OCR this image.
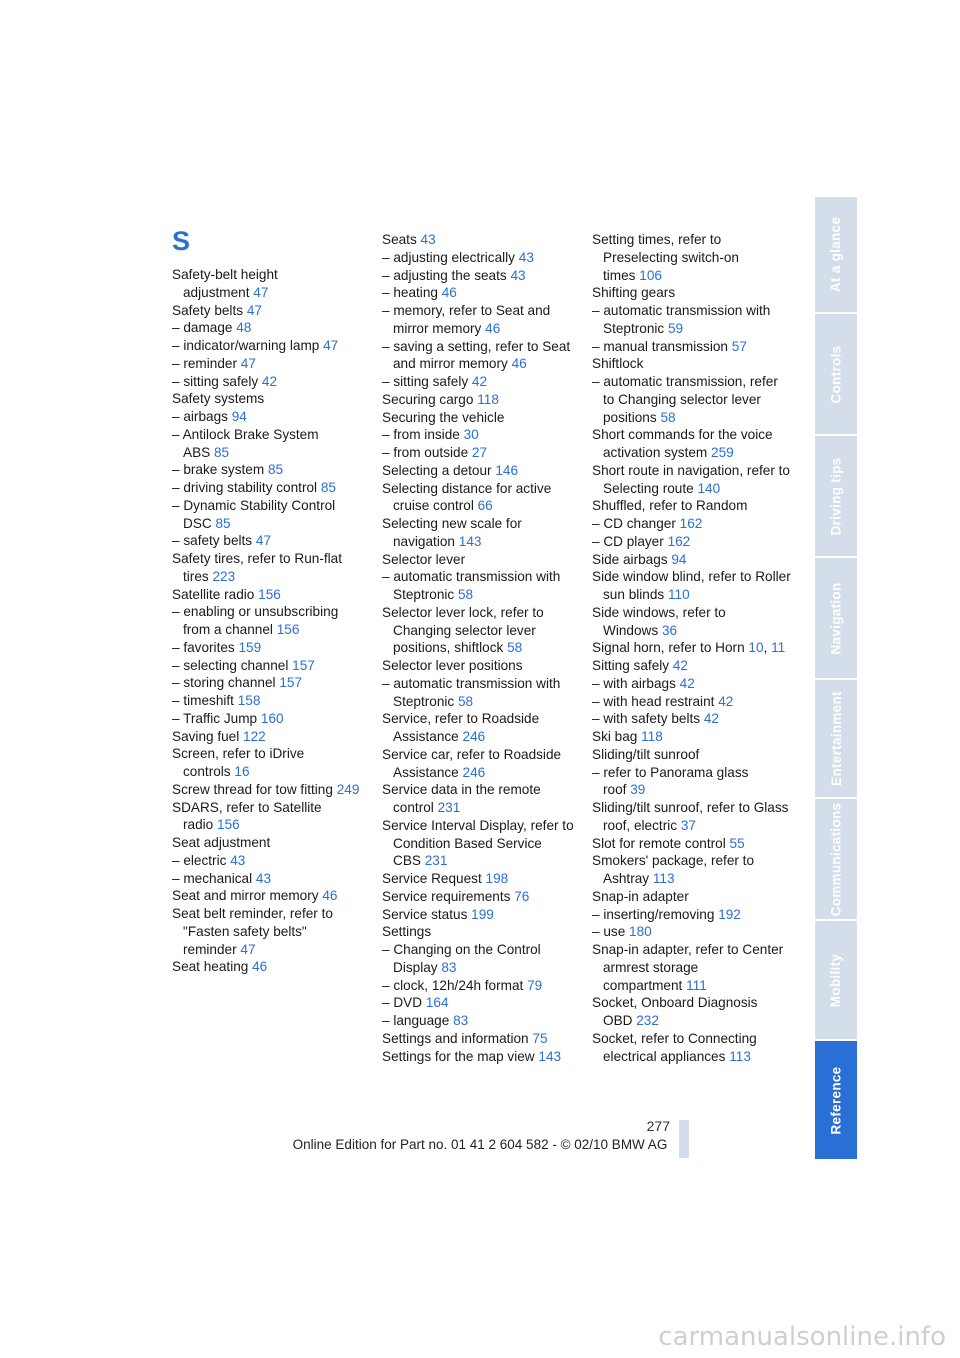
S

Safety-belt height adjustment 47

Safety belts 47

– damage 48

– indicator/warning lamp 47

– reminder 47

– sitting safely 42

Safety systems

– airbags 94

– Antilock Brake System ABS 85

– brake system 85

– driving stability control 85

– Dynamic Stability Control DSC 85

– safety belts 47

Safety tires, refer to Run-flat tires 223

Satellite radio 156

– enabling or unsubscribing from a channel 156

– favorites 159

– selecting channel 157

– storing channel 157

– timeshift 158

– Traffic Jump 160

Saving fuel 122

Screen, refer to iDrive controls 16

Screw thread for tow fitting 249

SDARS, refer to Satellite radio 156

Seat adjustment

– electric 43

– mechanical 43

Seat and mirror memory 46

Seat belt reminder, refer to "Fasten safety belts" reminder 47

Seat heating 46

Seats 43

– adjusting electrically 43

– adjusting the seats 43

– heating 46

– memory, refer to Seat and mirror memory 46

– saving a setting, refer to Seat and mirror memory 46

– sitting safely 42

Securing cargo 118

Securing the vehicle

– from inside 30

– from outside 27

Selecting a detour 146

Selecting distance for active cruise control 66

Selecting new scale for navigation 143

Selector lever

– automatic transmission with Steptronic 58

Selector lever lock, refer to Changing selector lever positions, shiftlock 58

Selector lever positions

– automatic transmission with Steptronic 58

Service, refer to Roadside Assistance 246

Service car, refer to Roadside Assistance 246

Service data in the remote control 231

Service Interval Display, refer to Condition Based Service CBS 231

Service Request 198

Service requirements 76

Service status 199

Settings

– Changing on the Control Display 83

– clock, 12h/24h format 79

– DVD 164

– language 83

Settings and information 75

Settings for the map view 143

Setting times, refer to Preselecting switch-on times 106

Shifting gears

– automatic transmission with Steptronic 59

– manual transmission 57

Shiftlock

– automatic transmission, refer to Changing selector lever positions 58

Short commands for the voice activation system 259

Short route in navigation, refer to Selecting route 140

Shuffled, refer to Random

– CD changer 162

– CD player 162

Side airbags 94

Side window blind, refer to Roller sun blinds 110

Side windows, refer to Windows 36

Signal horn, refer to Horn 10, 11

Sitting safely 42

– with airbags 42

– with head restraint 42

– with safety belts 42

Ski bag 118

Sliding/tilt sunroof

– refer to Panorama glass roof 39

Sliding/tilt sunroof, refer to Glass roof, electric 37

Slot for remote control 55

Smokers' package, refer to Ashtray 113

Snap-in adapter

– inserting/removing 192

– use 180

Snap-in adapter, refer to Center armrest storage compartment 111

Socket, Onboard Diagnosis OBD 232

Socket, refer to Connecting electrical appliances 113

At a glance
Controls
Driving tips
Navigation
Entertainment
Communications
Mobility
Reference
277
Online Edition for Part no. 01 41 2 604 582 - © 02/10 BMW AG
carmanualsonline.info
